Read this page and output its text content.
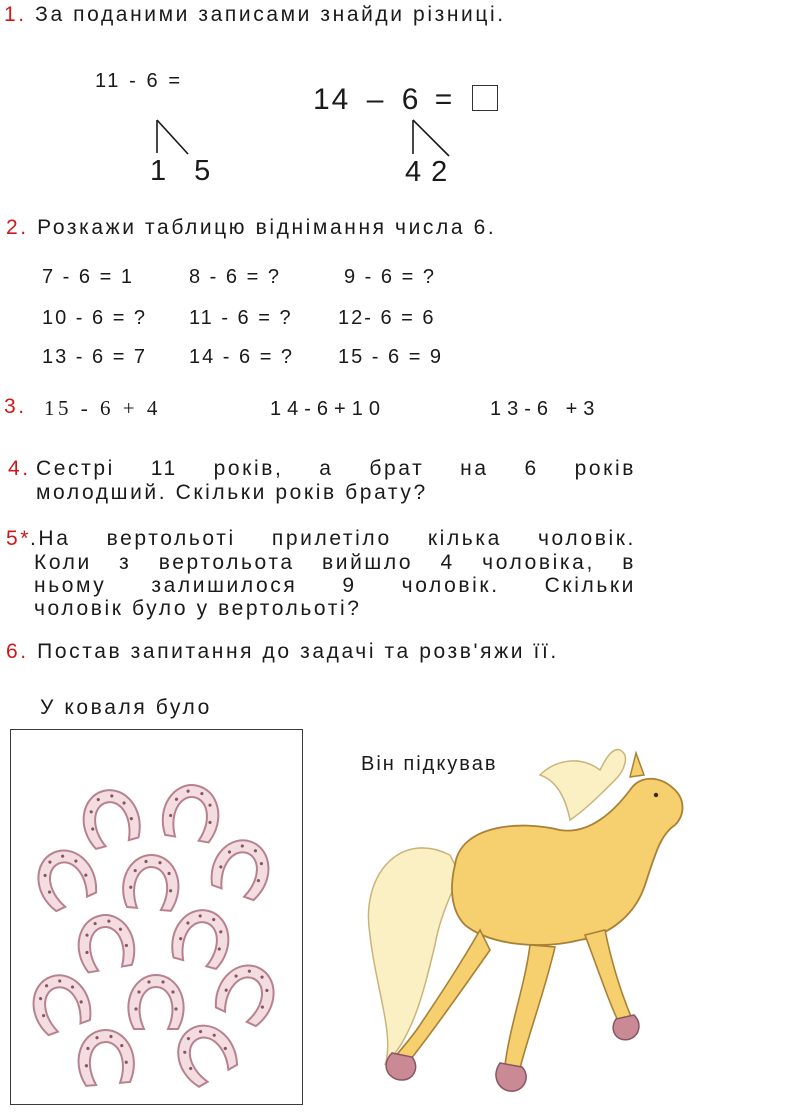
1. За поданими записами знайди різниці.
11 - 6 =
1 5
14 – 6 =
42
2. Розкажи таблицю віднімання числа 6.
7 - 6 = 1	8 - 6 = ?	9 - 6 = ?
10 - 6 = ? 11 - 6 = ? 12- 6 = 6
13 - 6 = 7 14 - 6 = ? 15 - 6 = 9
3. 15 - 6 + 4	14-6+10	13-6 +3
4. Сестрі 11 років, а брат на 6 років
молодший. Скільки років брату?
5*
.На вертольоті прилетіло кілька чоловік.
Коли з вертольота вийшло 4 чоловіка, в
ньому залишилося 9 чоловік. Скільки
чоловік було у вертольоті?
6. Постав запитання до задачі та розв'яжи її.
У коваля було
Він підкував
